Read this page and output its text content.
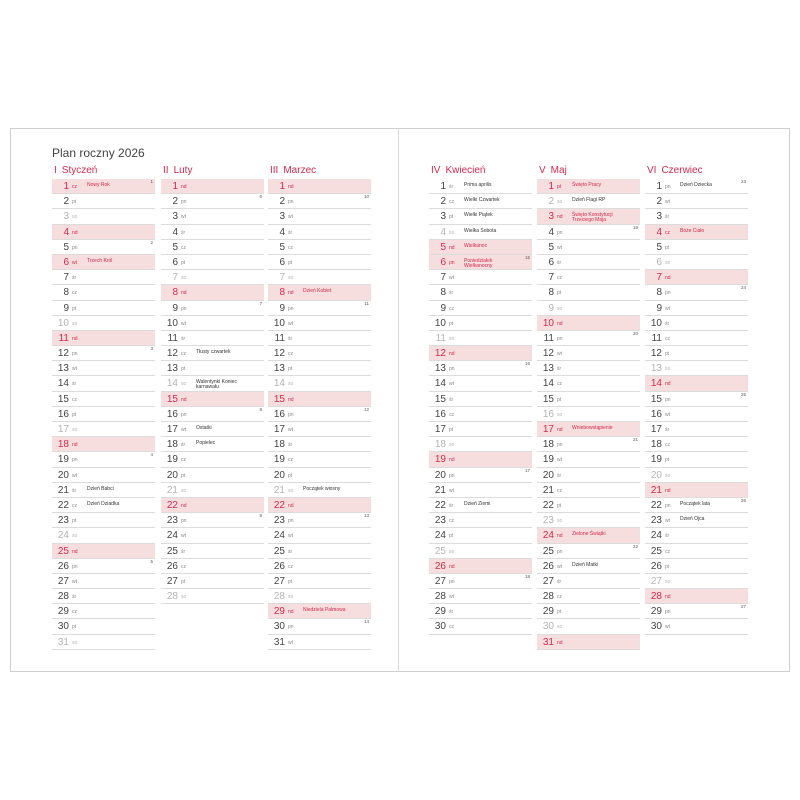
Plan roczny 2026
I Styczeń
1 cz Nowy Rok
1
2 pt
3 so
4 nd
5 pn
2
6 wt Trzech Król
7 śr
8 cz
9 pt
10 so
11 nd
12 pn
3
13 wt
14 śr
15 cz
16 pt
17 so
18 nd
19 pn
4
20 wt
21 śr Dzień Babci
22 cz Dzień Dziadka
23 pt
24 so
25 nd
26 pn
5
27 wt
28 śr
29 cz
30 pt
31 so
II Luty
1 nd
2 pn
6
3 wt
4 śr
5 cz
6 pt
7 so
8 nd
9 pn
7
10 wt
11 śr
12 cz Tłusty czwartek
13 pt
14 so Walentynki Koniec karnawału
15 nd
16 pn
8
17 wt Ostatki
18 śr Popielec
19 cz
20 pt
21 so
22 nd
23 pn
9
24 wt
25 śr
26 cz
27 pt
28 so
III Marzec
1 nd
2 pn
10
3 wt
4 śr
5 cz
6 pt
7 so
8 nd Dzień Kobiet
9 pn
11
10 wt
11 śr
12 cz
13 pt
14 so
15 nd
16 pn
12
17 wt
18 śr
19 cz
20 pt
21 so Początek wiosny
22 nd
23 pn
13
24 wt
25 śr
26 cz
27 pt
28 so
29 nd Niedziela Palmowa
30 pn
14
31 wt
IV Kwiecień
1 śr Prima aprilis
2 cz Wielki Czwartek
3 pt Wielki Piątek
4 so Wielka Sobota
5 nd Wielkanoc
6 pn Poniedziałek Wielkanocny
15
7 wt
8 śr
9 cz
10 pt
11 so
12 nd
13 pn
16
14 wt
15 śr
16 cz
17 pt
18 so
19 nd
20 pn
17
21 wt
22 śr Dzień Ziemi
23 cz
24 pt
25 so
26 nd
27 pn
18
28 wt
29 śr
30 cz
V Maj
1 pt Święto Pracy
2 so Dzień Flagi RP
3 nd Święto Konstytucji Trzeciego Maja
4 pn
19
5 wt
6 śr
7 cz
8 pt
9 so
10 nd
11 pn
20
12 wt
13 śr
14 cz
15 pt
16 so
17 nd Wniebowstąpienie
18 pn
21
19 wt
20 śr
21 cz
22 pt
23 so
24 nd Zielone Świątki
25 pn
22
26 wt Dzień Matki
27 śr
28 cz
29 pt
30 so
31 nd
VI Czerwiec
1 pn Dzień Dziecka
23
2 wt
3 śr
4 cz Boże Ciało
5 pt
6 so
7 nd
8 pn
24
9 wt
10 śr
11 cz
12 pt
13 so
14 nd
15 pn
25
16 wt
17 śr
18 cz
19 pt
20 so
21 nd
22 pn Początek lata
26
23 wt Dzień Ojca
24 śr
25 cz
26 pt
27 so
28 nd
29 pn
27
30 wt
